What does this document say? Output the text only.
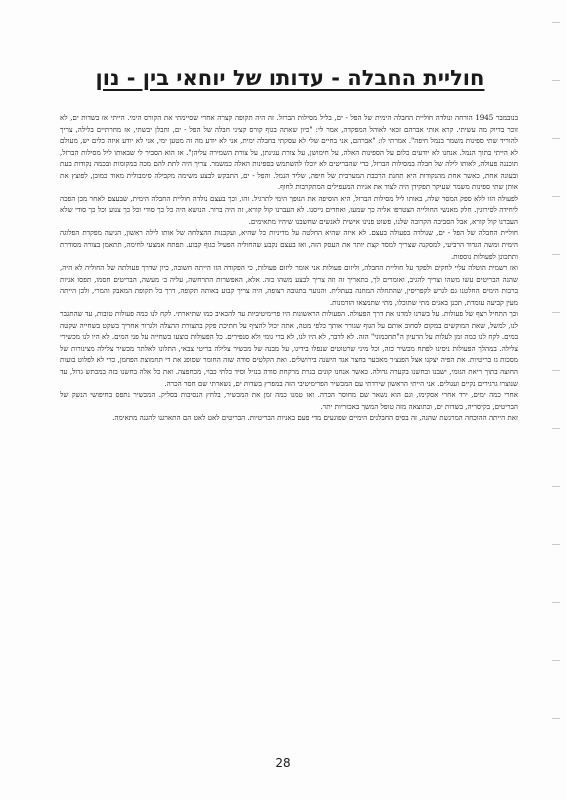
חוליית החבלה - עדותו של יוחאי בין - נון

בנובמבר 1945 הורחה ונולדה חוליית החבלה הימית של הפל - ים, בליל מסילות הברזל. זה היה תקופה קצרה אחרי שסיימתי את הקורס הימי. הייתי אז בשדות ים, לא זוכר בדיוק מה עשיתי. קרא אותי אברהם זכאי לאוהל המפקדה, אמר לי: "כיון שאתה בגוף קורס קציני חבלה של הפל - ים, וחבלן יבשתי, אז מחרתיים בלילה, צריך להוריד שתי ספינות משמר בנמל חיפה". אמרתי לו: "אברהם, אני בחיים שלי לא עסקתי בחבלה ימית, אני לא יודע מה זה מטען ימי, אני לא יודע איזה כלים יש, מעולם לא הייתי בתוך הנמל. אנחנו לא יודעים כלום על הספינות האלה, על חימושן, על צורת עגינתן, על צורת השמירה עליהן". אז הוא הסביר לי שבאותו ליל מסילות הברזל, תוכננה פעולה, לאותו לילה של חבלה במסילות הברזל, כדי שהבריטים לא יוכלו להשתמש בספינות האלה כמשמר. צריך היה לתת להם מכה במקומות ובכמה נקודות בעת ובעונה אחת, כאשר אחת מהנקודות היא תחנת הרכבת המערבית של חיפה, שליד הנמל. והפל - ים, התבקש לבצע משימה מקבילה סימבולית מאוד כמובן, לפוצץ את אותן שתי ספינות משמר שעיקר תפקידן היה לצוד את אניות המעפילים המתקרבות לחוף.

לפעולה הזו ללא ספק המסר שלה, באותו ליל מסילות הברזל, היא הוסיפה את הנופך הימי לתרגיל. זהו, וכך בעצם נולדה חוליית החבלה הימית, שבעצם לאחר מכן הפכה ליחידה לסירוגין. חלק מאנשי החולייה הצטרפו אליה כך שמעו, ואחדים גייסנו. לא העברנו קול קורא, זה היה ברור. הנושא היה כל כך סודי וכל כך צנוע וכל כך סודי שלא העברנו קול קורא, אבל הסביבה הקרובה שלנו, פשוט פנינו אישית לאנשים שחשבנו שיהיו מתאימים.

חוליית החבלה של הפל - ים, שנולדה בפעולה בעצם. לא איזה שהיא החלטה על מדיניות כל שהיא, ועקבנות ההצלחה של אותו לילה ראשון, הגיעה מפקדת הפלוגה הימית ומשה הגדוד הרביעי, למסקנה שצריך למסד קצת יותר את העסק הזה, ואז בעצם נקבע שהחוליה הפעיל כגוף קבוע. תפתח אמצעי לחימה, תתאמן בצורה מסודרת ותתכונן לפעולות נוספות.

ואז רשמית הוטלה עליי לחקים ולפקד על חוליית החבלה, וליזום פעולות אני אומר ליזום פעולות, כי הפקודה הזו הייתה חשובה, כיון שדרך פעולתה של החוליה לא היה, שהנה הבריטים עשו משהו וצריך להגיב, ואומרים לך, בתאריך זה וזה צריך לבצע משהו כזה. אלא, האפשרות התרחשה, עליה ב׳ מעשה, הבריטים חסמו, תפסו אניות ברבות הימים החלטנו גם לגרש לקפריסין, שהתחלה המחנה בעתלית. והנוער בתגובה רצופה, היה צריך קבוע באותה תקופה, דרך כל תקופת המאבק והמרי, ולכן הייתה מעין קביעה עומדת, תכנן באגים מתי שתוכלו, מתי שתמצאו הזדמנות.

וכך התחיל רצף של פעולות. על בשרנו למדנו את דרך הפעולה. הפעולות הראשונות היו פרימיטיביות עד להכאיב כמו שתיארתי. לקח לנו כמה פעולות טובות, עד שהתגבר לנו, למשל, שאת המוקשים במקום לסחוב אותם על הגוף שגורר אותך כלפי מטה, אתה יכול להציף על חתיכת פקק בתצורת ההצלה ולגרור אחריך בשקט בשחייה שקטה במים. לקח לנו כמה זמן לעלות על הרעיון ה"תחכמוני" הזה. לא לדבר, לא היו לנו, לא בדי גומי ולא סנפירים. כל הפעולות בוצעו בשחייה על פני המים. לא היו לנו מכשירי צלילה. במהלך הפעולות ניסינו לפתח מכשיר כזה, וכל מיני שרטוטים שנפלו בידינו, על מבנה של מכשיר צלילה בריטי צבאי, התלונו לאלתר מכשיר צלילה מצינורות של מסכות גז בריטיות. את הפיה יצקנו אצל הפנצ׳ר מאכער בחצר אגד הישנה בירושלים. ואת הקלטים סודה שזה החומר שסופג את די תחמוצת הפחמן, כדי לא לפלוט בועות החוצה בתוך ריאת הגומי, ישבנו ובחשנו בקערה גדולה. כאשר אנחנו קונים בגרת מרקחת סודה בנזיל וסיד כלתי כבוי, מכחפצה. ואת כל אלה בחשנו בזה במכתש גדול, עד שנוצרו גרגירים נקיים ועגולים. אני הייתי הראשון שירדתי עם המכשיר הפרימיטיבי הזה במפרץ בשדות ים, נשארתי שם חסר הכרה.

אחרי כמה ימים, ירד אחרי אסקימו, וגם הוא נשאר שם מחוסר הכרה. ואז טמנו כמה זמן את המכשיר, בלחץ הנסיבות בסליק. המכשיר נתפס בחיפושי הנשק של הבריטים, בקיסריה, בשדות ים, וכתוצאה מזה טופל המשך באכזריות יתר.

זאת הייתה ההוכחה המרגשת שהנה, זה בסיס החבלנים הימיים שפוגעים מדי פעם באניות הבריטיות. הבריטים לאט לאט הם התארגנו להגנה מתאימה.

28
